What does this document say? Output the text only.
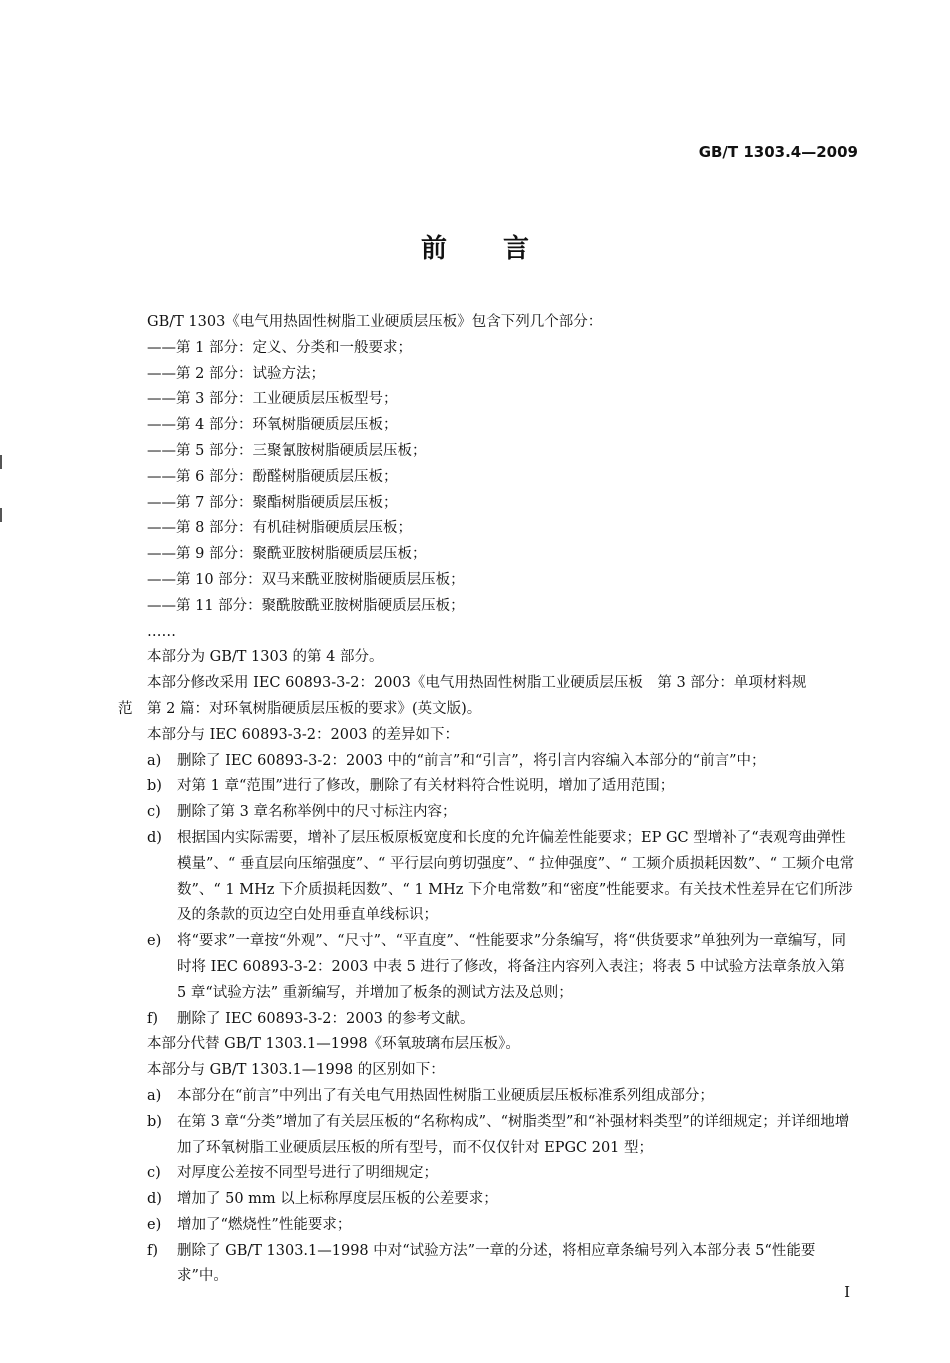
GB/T 1303.4—2009
前言

GB/T 1303《电气用热固性树脂工业硬质层压板》包含下列几个部分：

——第 1 部分：定义、分类和一般要求；

——第 2 部分：试验方法；

——第 3 部分：工业硬质层压板型号；

——第 4 部分：环氧树脂硬质层压板；

——第 5 部分：三聚氰胺树脂硬质层压板；

——第 6 部分：酚醛树脂硬质层压板；

——第 7 部分：聚酯树脂硬质层压板；

——第 8 部分：有机硅树脂硬质层压板；

——第 9 部分：聚酰亚胺树脂硬质层压板；

——第 10 部分：双马来酰亚胺树脂硬质层压板；

——第 11 部分：聚酰胺酰亚胺树脂硬质层压板；

……

本部分为 GB/T 1303 的第 4 部分。

本部分修改采用 IEC 60893-3-2：2003《电气用热固性树脂工业硬质层压板　第 3 部分：单项材料规

范　第 2 篇：对环氧树脂硬质层压板的要求》(英文版)。

本部分与 IEC 60893-3-2：2003 的差异如下：

a) 删除了 IEC 60893-3-2：2003 中的“前言”和“引言”，将引言内容编入本部分的“前言”中；
b) 对第 1 章“范围”进行了修改，删除了有关材料符合性说明，增加了适用范围；
c) 删除了第 3 章名称举例中的尺寸标注内容；
d) 根据国内实际需要，增补了层压板原板宽度和长度的允许偏差性能要求；EP GC 型增补了“表观弯曲弹性模量”、“ 垂直层向压缩强度”、“ 平行层向剪切强度”、“ 拉伸强度”、“ 工频介质损耗因数”、“ 工频介电常数”、“ 1 MHz 下介质损耗因数”、“ 1 MHz 下介电常数”和“密度”性能要求。有关技术性差异在它们所涉及的条款的页边空白处用垂直单线标识；
e) 将“要求”一章按“外观”、“尺寸”、“平直度”、“性能要求”分条编写，将“供货要求”单独列为一章编写，同时将 IEC 60893-3-2：2003 中表 5 进行了修改，将备注内容列入表注；将表 5 中试验方法章条放入第 5 章“试验方法” 重新编写，并增加了板条的测试方法及总则；
f) 删除了 IEC 60893-3-2：2003 的参考文献。

本部分代替 GB/T 1303.1—1998《环氧玻璃布层压板》。

本部分与 GB/T 1303.1—1998 的区别如下：

a) 本部分在“前言”中列出了有关电气用热固性树脂工业硬质层压板标准系列组成部分；
b) 在第 3 章“分类”增加了有关层压板的“名称构成”、“树脂类型”和“补强材料类型”的详细规定；并详细地增加了环氧树脂工业硬质层压板的所有型号，而不仅仅针对 EPGC 201 型；
c) 对厚度公差按不同型号进行了明细规定；
d) 增加了 50 mm 以上标称厚度层压板的公差要求；
e) 增加了“燃烧性”性能要求；
f) 删除了 GB/T 1303.1—1998 中对“试验方法”一章的分述，将相应章条编号列入本部分表 5“性能要求”中。
I
